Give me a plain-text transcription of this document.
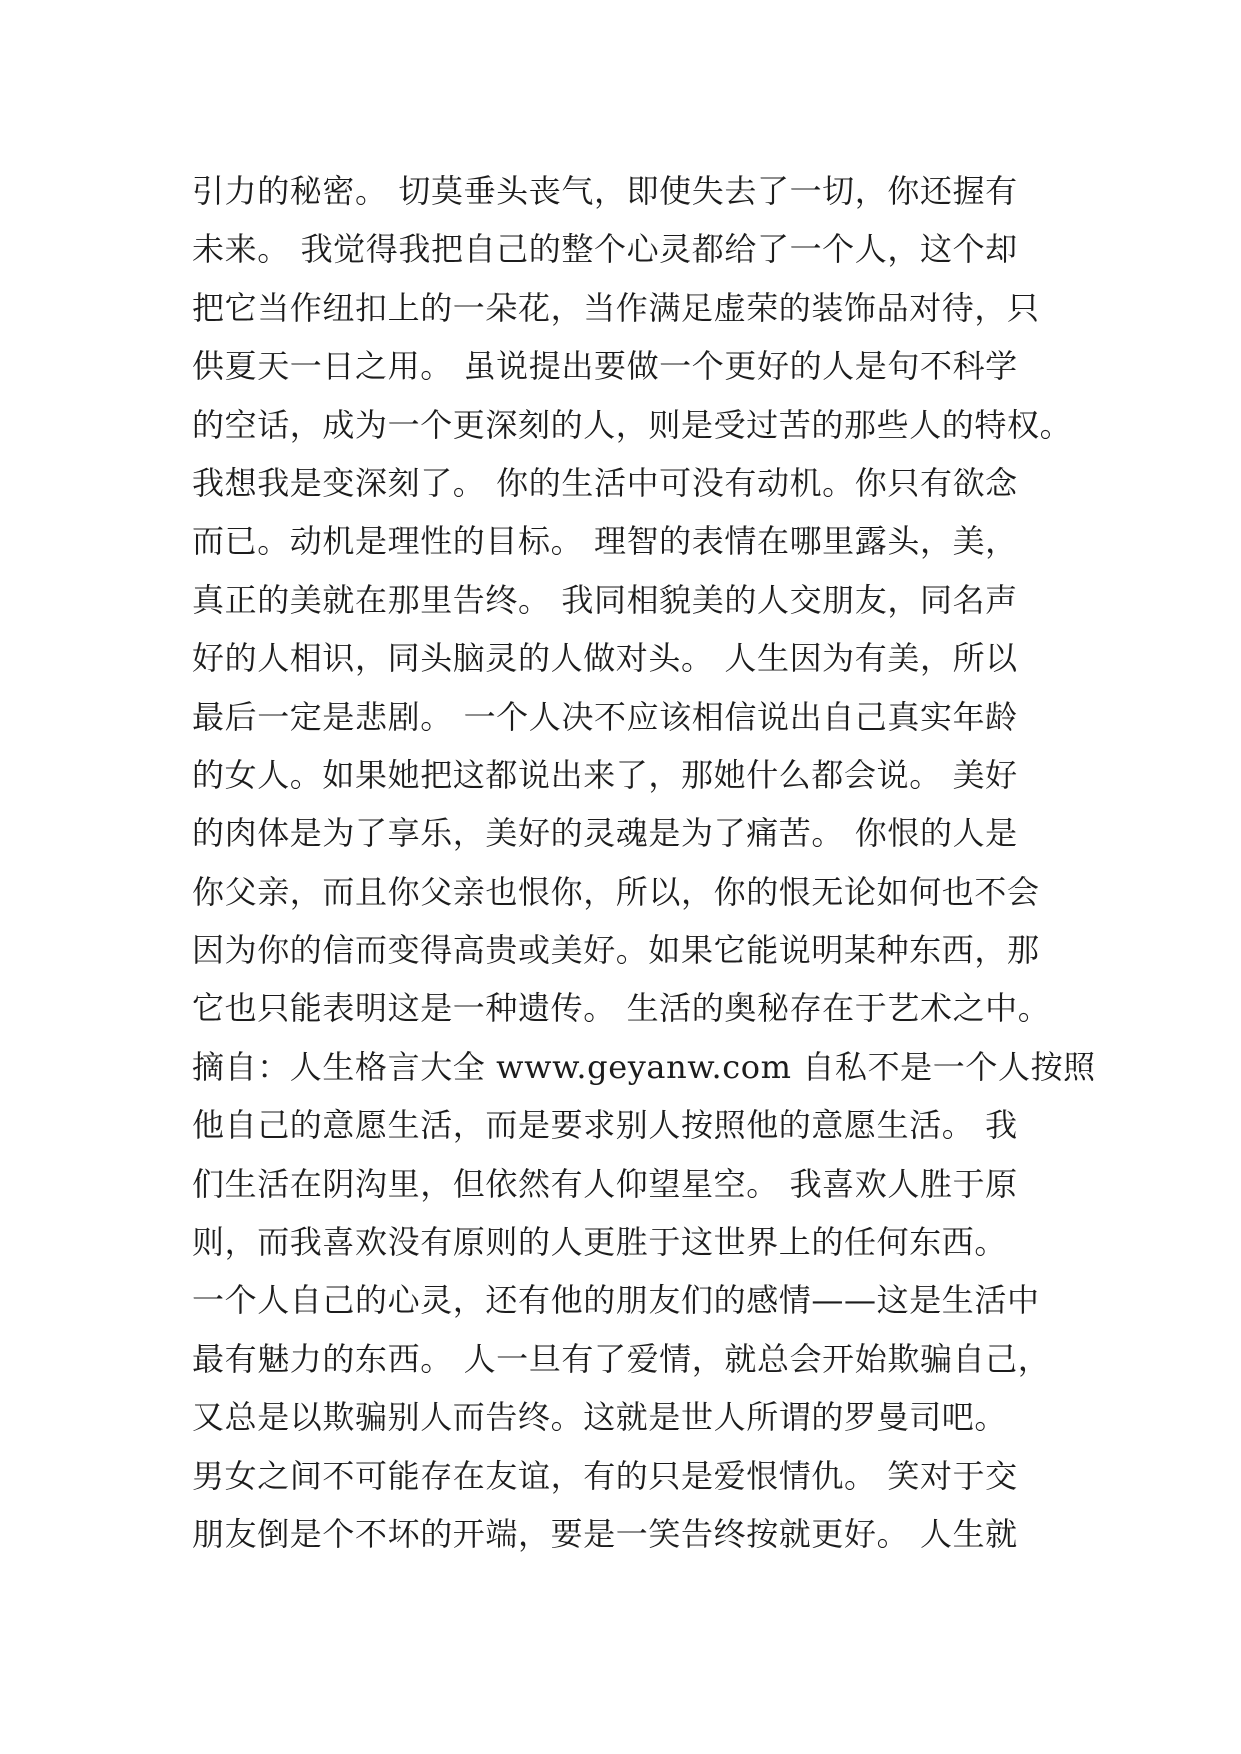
引力的秘密。 切莫垂头丧气，即使失去了一切，你还握有
未来。 我觉得我把自己的整个心灵都给了一个人，这个却
把它当作纽扣上的一朵花，当作满足虚荣的装饰品对待，只
供夏天一日之用。 虽说提出要做一个更好的人是句不科学
的空话，成为一个更深刻的人，则是受过苦的那些人的特权。
我想我是变深刻了。 你的生活中可没有动机。你只有欲念
而已。动机是理性的目标。 理智的表情在哪里露头，美，
真正的美就在那里告终。 我同相貌美的人交朋友，同名声
好的人相识，同头脑灵的人做对头。 人生因为有美，所以
最后一定是悲剧。 一个人决不应该相信说出自己真实年龄
的女人。如果她把这都说出来了，那她什么都会说。 美好
的肉体是为了享乐，美好的灵魂是为了痛苦。 你恨的人是
你父亲，而且你父亲也恨你，所以，你的恨无论如何也不会
因为你的信而变得高贵或美好。如果它能说明某种东西，那
它也只能表明这是一种遗传。 生活的奥秘存在于艺术之中。
摘自：人生格言大全 www.geyanw.com 自私不是一个人按照
他自己的意愿生活，而是要求别人按照他的意愿生活。 我
们生活在阴沟里，但依然有人仰望星空。 我喜欢人胜于原
则，而我喜欢没有原则的人更胜于这世界上的任何东西。
一个人自己的心灵，还有他的朋友们的感情——这是生活中
最有魅力的东西。 人一旦有了爱情，就总会开始欺骗自己，
又总是以欺骗别人而告终。这就是世人所谓的罗曼司吧。
男女之间不可能存在友谊，有的只是爱恨情仇。 笑对于交
朋友倒是个不坏的开端，要是一笑告终按就更好。 人生就
